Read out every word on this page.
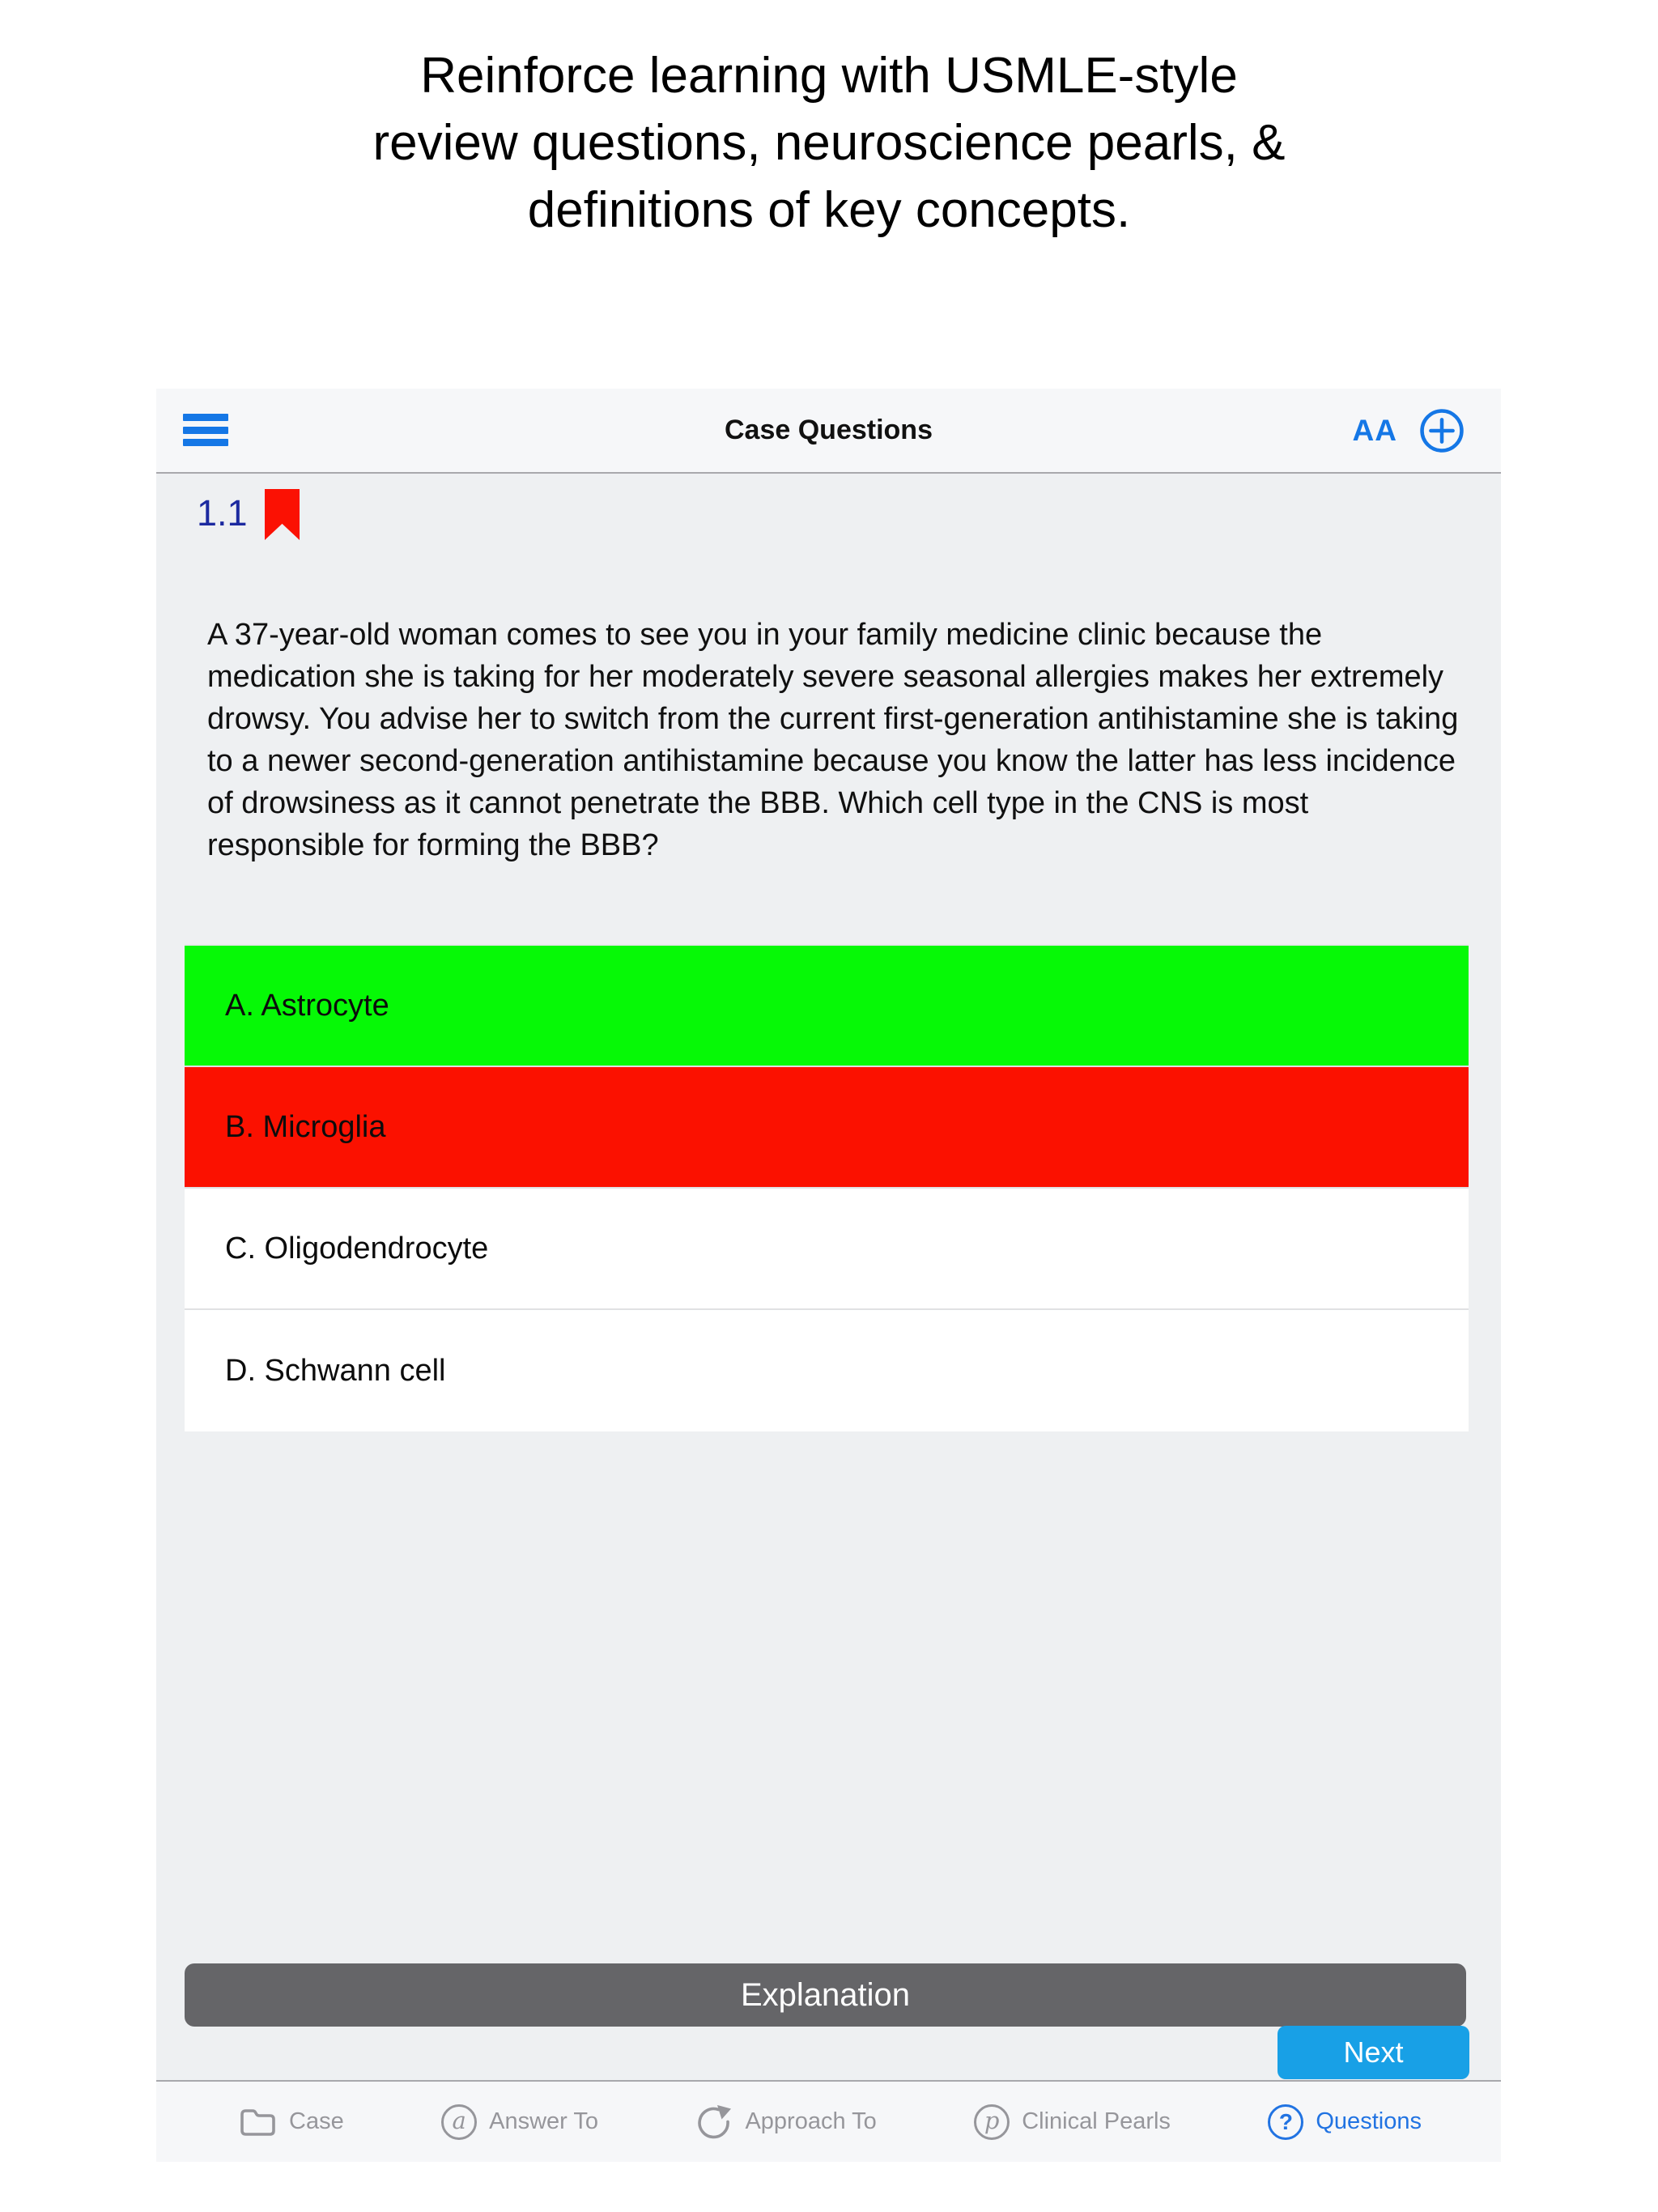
Reinforce learning with USMLE-style
review questions, neuroscience pearls, &
definitions of key concepts.
Case Questions	AA
1.1
A 37-year-old woman comes to see you in your family medicine clinic because the medication she is taking for her moderately severe seasonal allergies makes her extremely drowsy. You advise her to switch from the current first-generation antihistamine she is taking to a newer second-generation antihistamine because you know the latter has less incidence of drowsiness as it cannot penetrate the BBB. Which cell type in the CNS is most responsible for forming the BBB?
A. Astrocyte
B. Microglia
C. Oligodendrocyte
D. Schwann cell
Explanation
Next
Case	a Answer To	Approach To	p Clinical Pearls	? Questions
